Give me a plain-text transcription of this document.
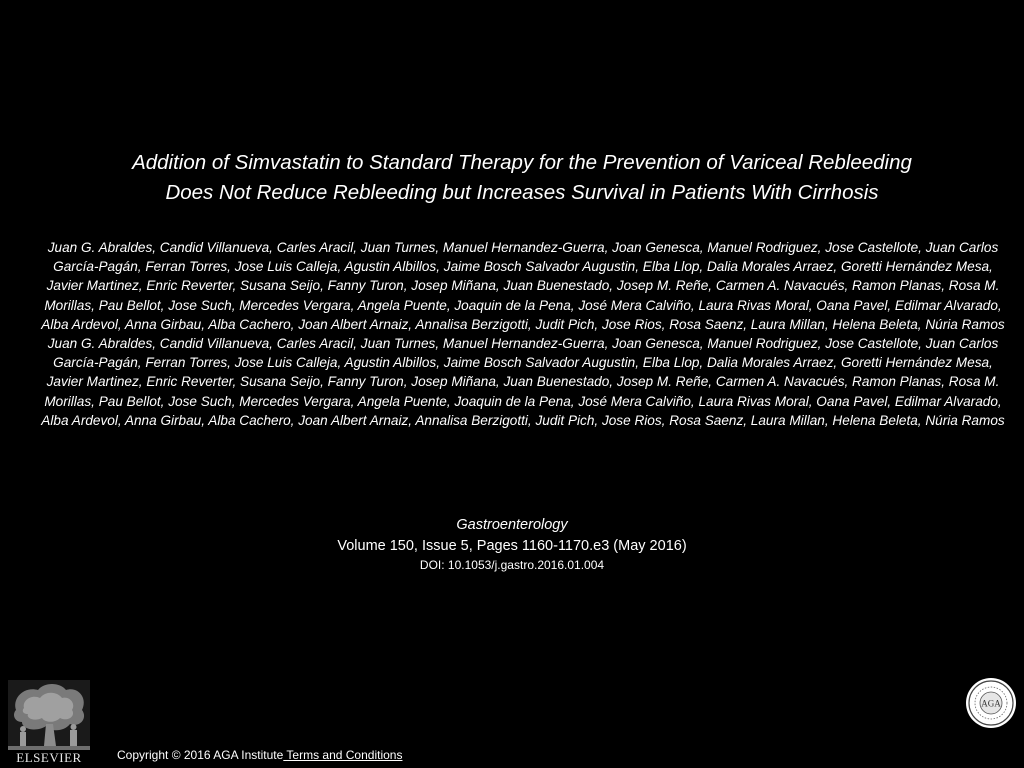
Addition of Simvastatin to Standard Therapy for the Prevention of Variceal Rebleeding
Does Not Reduce Rebleeding but Increases Survival in Patients With Cirrhosis

Juan G. Abraldes, Candid Villanueva, Carles Aracil, Juan Turnes, Manuel Hernandez-Guerra, Joan Genesca, Manuel Rodriguez, Jose Castellote, Juan Carlos García-Pagán, Ferran Torres, Jose Luis Calleja, Agustin Albillos, Jaime Bosch Salvador Augustin, Elba Llop, Dalia Morales Arraez, Goretti Hernández Mesa, Javier Martinez, Enric Reverter, Susana Seijo, Fanny Turon, Josep Miñana, Juan Buenestado, Josep M. Reñe, Carmen A. Navacués, Ramon Planas, Rosa M. Morillas, Pau Bellot, Jose Such, Mercedes Vergara, Angela Puente, Joaquin de la Pena, José Mera Calviño, Laura Rivas Moral, Oana Pavel, Edilmar Alvarado, Alba Ardevol, Anna Girbau, Alba Cachero, Joan Albert Arnaiz, Annalisa Berzigotti, Judit Pich, Jose Rios, Rosa Saenz, Laura Millan, Helena Beleta, Núria Ramos Juan G. Abraldes, Candid Villanueva, Carles Aracil, Juan Turnes, Manuel Hernandez-Guerra, Joan Genesca, Manuel Rodriguez, Jose Castellote, Juan Carlos García-Pagán, Ferran Torres, Jose Luis Calleja, Agustin Albillos, Jaime Bosch Salvador Augustin, Elba Llop, Dalia Morales Arraez, Goretti Hernández Mesa, Javier Martinez, Enric Reverter, Susana Seijo, Fanny Turon, Josep Miñana, Juan Buenestado, Josep M. Reñe, Carmen A. Navacués, Ramon Planas, Rosa M. Morillas, Pau Bellot, Jose Such, Mercedes Vergara, Angela Puente, Joaquin de la Pena, José Mera Calviño, Laura Rivas Moral, Oana Pavel, Edilmar Alvarado, Alba Ardevol, Anna Girbau, Alba Cachero, Joan Albert Arnaiz, Annalisa Berzigotti, Judit Pich, Jose Rios, Rosa Saenz, Laura Millan, Helena Beleta, Núria Ramos

Gastroenterology
Volume 150, Issue 5, Pages 1160-1170.e3 (May 2016)
DOI: 10.1053/j.gastro.2016.01.004
ELSEVIER
AGA
Copyright © 2016 AGA Institute Terms and Conditions
